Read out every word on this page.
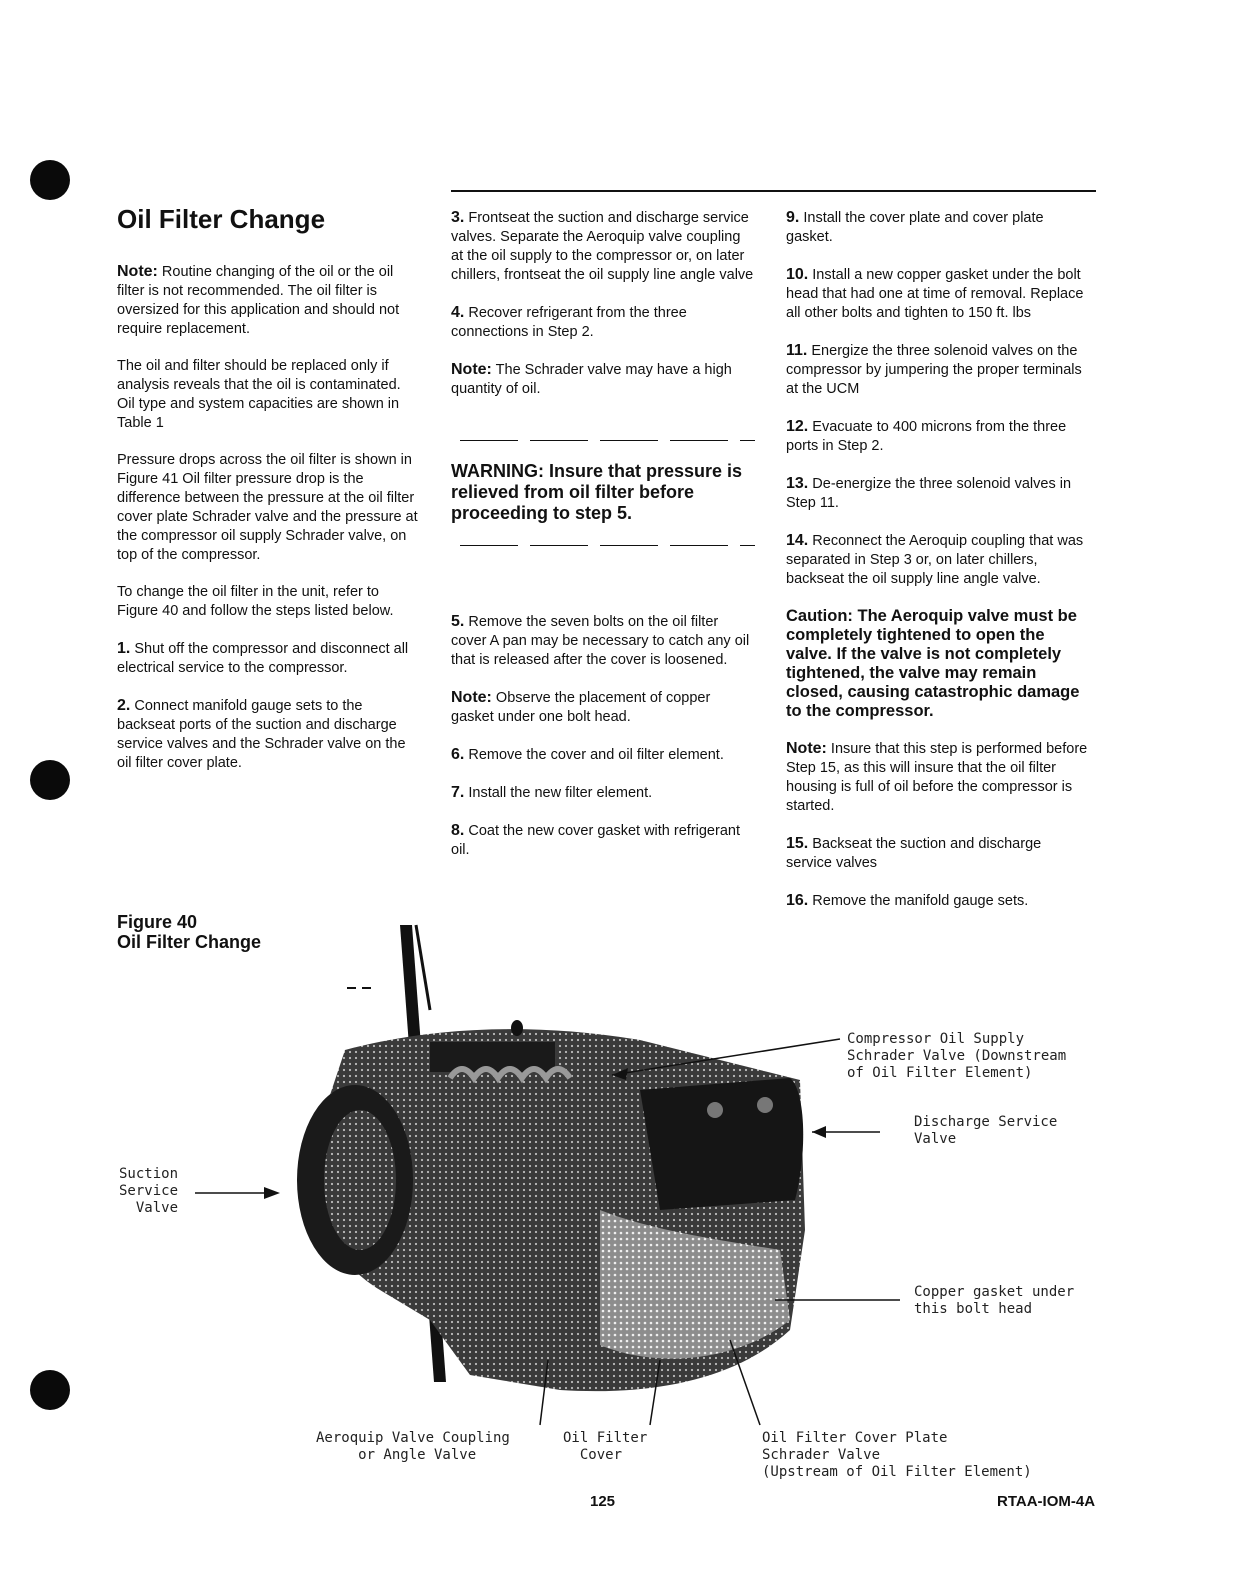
Oil Filter Change

Note: Routine changing of the oil or the oil filter is not recommended. The oil filter is oversized for this application and should not require replacement.

The oil and filter should be replaced only if analysis reveals that the oil is contaminated. Oil type and system capacities are shown in Table 1

Pressure drops across the oil filter is shown in Figure 41 Oil filter pressure drop is the difference between the pressure at the oil filter cover plate Schrader valve and the pressure at the compressor oil supply Schrader valve, on top of the compressor.

To change the oil filter in the unit, refer to Figure 40 and follow the steps listed below.

1. Shut off the compressor and disconnect all electrical service to the compressor.

2. Connect manifold gauge sets to the backseat ports of the suction and discharge service valves and the Schrader valve on the oil filter cover plate.

3. Frontseat the suction and discharge service valves. Separate the Aeroquip valve coupling at the oil supply to the compressor or, on later chillers, frontseat the oil supply line angle valve

4. Recover refrigerant from the three connections in Step 2.

Note: The Schrader valve may have a high quantity of oil.

WARNING: Insure that pressure is relieved from oil filter before proceeding to step 5.

5. Remove the seven bolts on the oil filter cover A pan may be necessary to catch any oil that is released after the cover is loosened.

Note: Observe the placement of copper gasket under one bolt head.

6. Remove the cover and oil filter element.

7. Install the new filter element.

8. Coat the new cover gasket with refrigerant oil.

9. Install the cover plate and cover plate gasket.

10. Install a new copper gasket under the bolt head that had one at time of removal. Replace all other bolts and tighten to 150 ft. lbs

11. Energize the three solenoid valves on the compressor by jumpering the proper terminals at the UCM

12. Evacuate to 400 microns from the three ports in Step 2.

13. De-energize the three solenoid valves in Step 11.

14. Reconnect the Aeroquip coupling that was separated in Step 3 or, on later chillers, backseat the oil supply line angle valve.

Caution: The Aeroquip valve must be completely tightened to open the valve. If the valve is not completely tightened, the valve may remain closed, causing catastrophic damage to the compressor.

Note: Insure that this step is performed before Step 15, as this will insure that the oil filter housing is full of oil before the compressor is started.

15. Backseat the suction and discharge service valves

16. Remove the manifold gauge sets.

Figure 40
Oil Filter Change
Compressor Oil Supply
Schrader Valve (Downstream
of Oil Filter Element)
Discharge Service
Valve
Suction
Service
Valve
Copper gasket under
this bolt head
Aeroquip Valve Coupling
or Angle Valve
Oil Filter
Cover
Oil Filter Cover Plate
Schrader Valve
(Upstream of Oil Filter Element)
125	RTAA-IOM-4A
